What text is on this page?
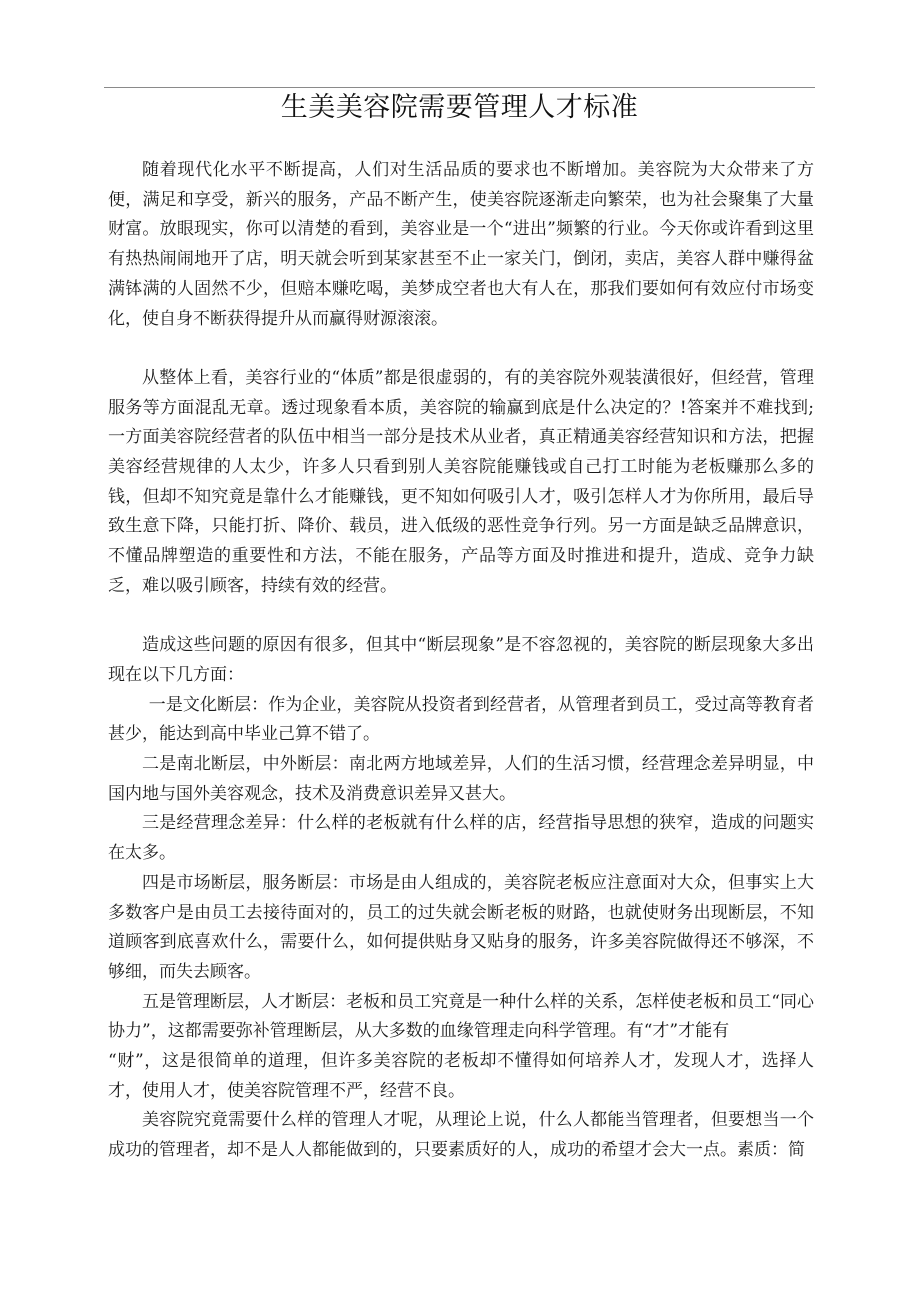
生美美容院需要管理人才标准

随着现代化水平不断提高，人们对生活品质的要求也不断增加。美容院为大众带来了方便，满足和享受，新兴的服务，产品不断产生，使美容院逐渐走向繁荣，也为社会聚集了大量财富。放眼现实，你可以清楚的看到，美容业是一个“进出”频繁的行业。今天你或许看到这里有热热闹闹地开了店，明天就会听到某家甚至不止一家关门，倒闭，卖店，美容人群中赚得盆满钵满的人固然不少，但赔本赚吃喝，美梦成空者也大有人在，那我们要如何有效应付市场变化，使自身不断获得提升从而赢得财源滚滚。

从整体上看，美容行业的“体质”都是很虚弱的，有的美容院外观装潢很好，但经营，管理服务等方面混乱无章。透过现象看本质，美容院的输赢到底是什么决定的？!答案并不难找到;一方面美容院经营者的队伍中相当一部分是技术从业者，真正精通美容经营知识和方法，把握美容经营规律的人太少，许多人只看到别人美容院能赚钱或自己打工时能为老板赚那么多的钱，但却不知究竟是靠什么才能赚钱，更不知如何吸引人才，吸引怎样人才为你所用，最后导致生意下降，只能打折、降价、载员，进入低级的恶性竞争行列。另一方面是缺乏品牌意识，不懂品牌塑造的重要性和方法，不能在服务，产品等方面及时推进和提升，造成、竞争力缺乏，难以吸引顾客，持续有效的经营。

造成这些问题的原因有很多，但其中“断层现象”是不容忽视的，美容院的断层现象大多出现在以下几方面：

一是文化断层：作为企业，美容院从投资者到经营者，从管理者到员工，受过高等教育者甚少，能达到高中毕业己算不错了。

二是南北断层，中外断层：南北两方地域差异，人们的生活习惯，经营理念差异明显，中国内地与国外美容观念，技术及消费意识差异又甚大。

三是经营理念差异：什么样的老板就有什么样的店，经营指导思想的狭窄，造成的问题实在太多。

四是市场断层，服务断层：市场是由人组成的，美容院老板应注意面对大众，但事实上大多数客户是由员工去接待面对的，员工的过失就会断老板的财路，也就使财务出现断层，不知道顾客到底喜欢什么，需要什么，如何提供贴身又贴身的服务，许多美容院做得还不够深，不够细，而失去顾客。

五是管理断层，人才断层：老板和员工究竟是一种什么样的关系，怎样使老板和员工“同心协力”，这都需要弥补管理断层，从大多数的血缘管理走向科学管理。有“才”才能有

“财”，这是很简单的道理，但许多美容院的老板却不懂得如何培养人才，发现人才，选择人才，使用人才，使美容院管理不严，经营不良。

美容院究竟需要什么样的管理人才呢，从理论上说，什么人都能当管理者，但要想当一个成功的管理者，却不是人人都能做到的，只要素质好的人，成功的希望才会大一点。素质：简
